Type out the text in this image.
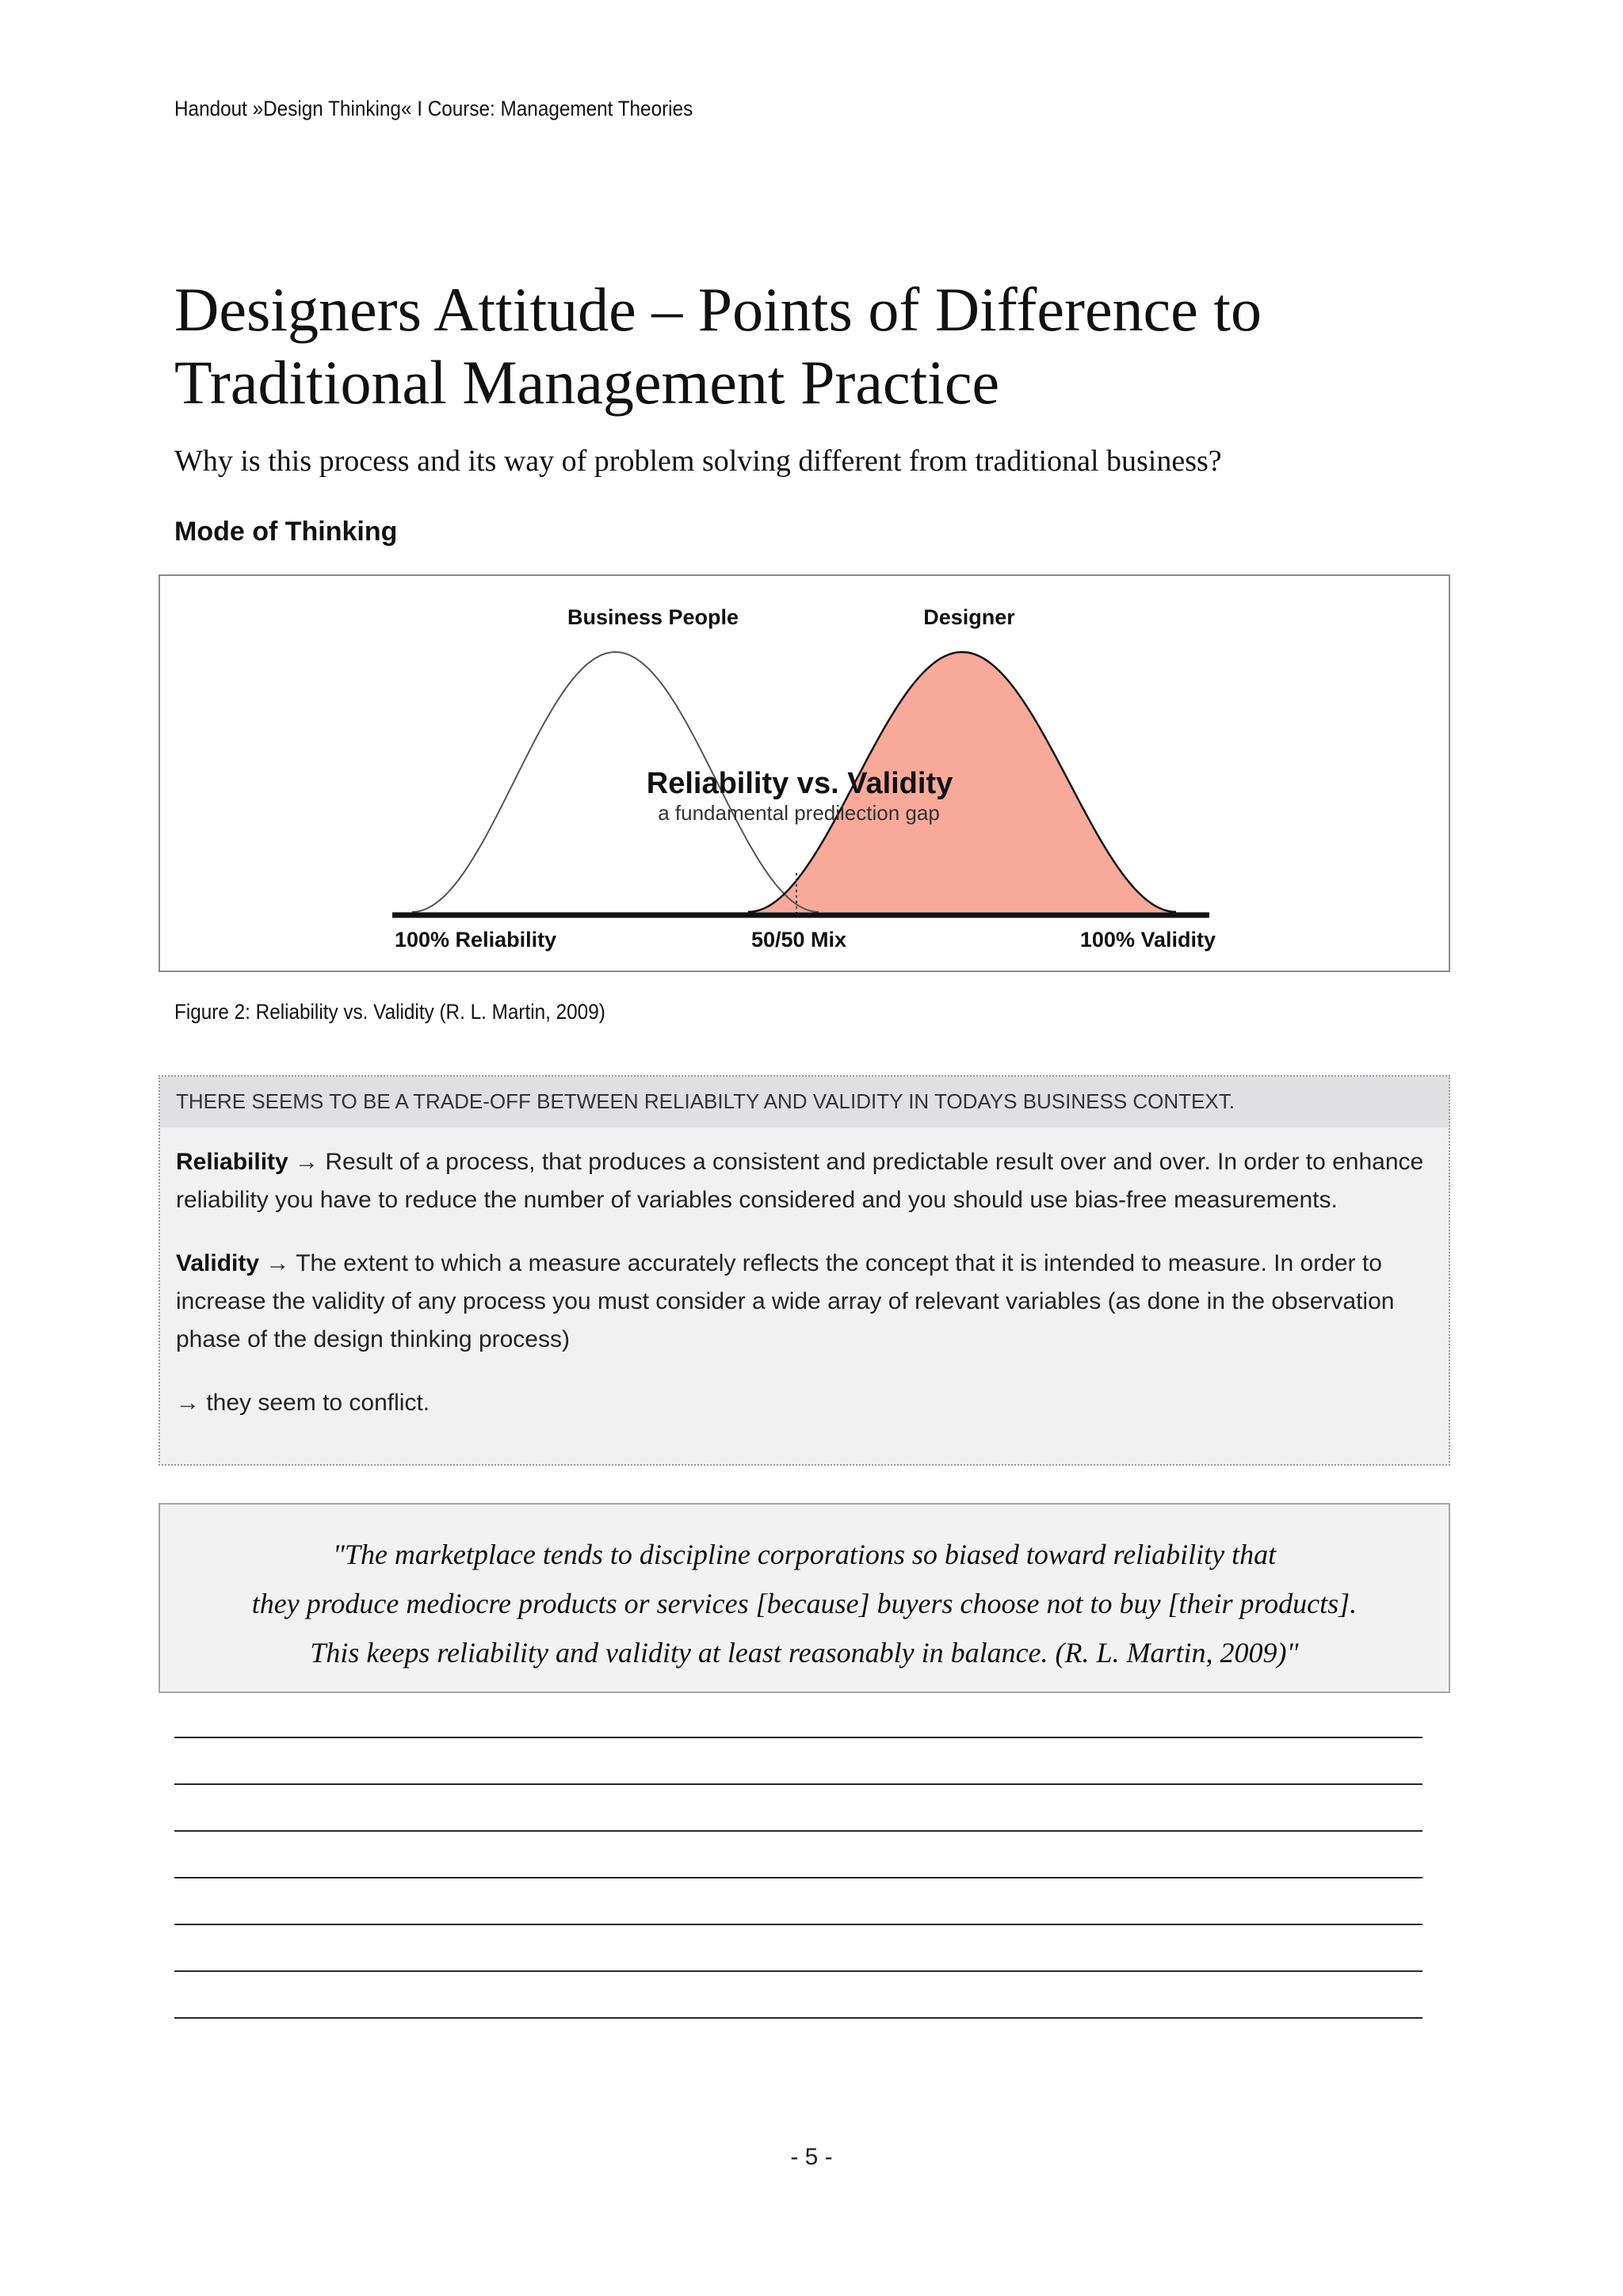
Handout »Design Thinking« I Course: Management Theories
Designers Attitude – Points of Difference to
Traditional Management Practice
Why is this process and its way of problem solving different from traditional business?
Mode of Thinking
Business People	Designer
Reliability vs. Validity
a fundamental predilection gap
100% Reliability	50/50 Mix	100% Validity
Figure 2: Reliability vs. Validity (R. L. Martin, 2009)
THERE SEEMS TO BE A TRADE-OFF BETWEEN RELIABILTY AND VALIDITY IN TODAYS BUSINESS CONTEXT.

Reliability → Result of a process, that produces a consistent and predictable result over and over. In order to enhance reliability you have to reduce the number of variables considered and you should use bias-free measurements.

Validity → The extent to which a measure accurately reflects the concept that it is intended to measure. In order to increase the validity of any process you must consider a wide array of relevant variables (as done in the observation phase of the design thinking process)

→ they seem to conflict.

"The marketplace tends to discipline corporations so biased toward reliability that
they produce mediocre products or services [because] buyers choose not to buy [their products].
This keeps reliability and validity at least reasonably in balance. (R. L. Martin, 2009)"
- 5 -
